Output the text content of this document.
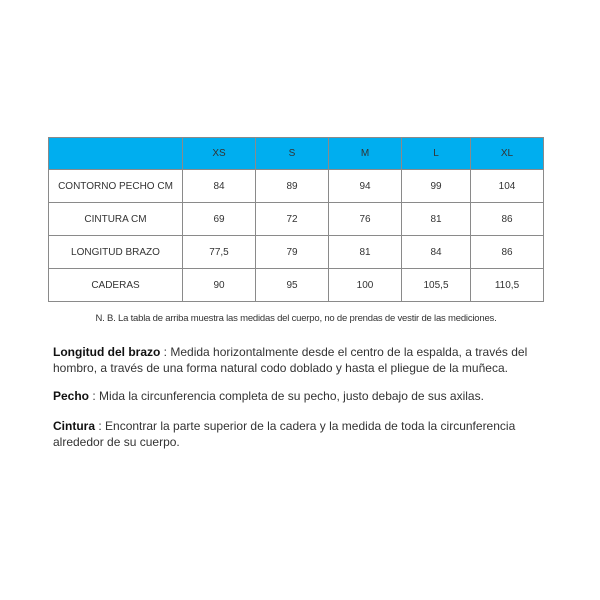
	XS	S	M	L	XL
CONTORNO PECHO CM	84	89	94	99	104
CINTURA CM	69	72	76	81	86
LONGITUD BRAZO	77,5	79	81	84	86
CADERAS	90	95	100	105,5	110,5
N. B. La tabla de arriba muestra las medidas del cuerpo, no de prendas de vestir de las mediciones.
Longitud del brazo : Medida horizontalmente desde el centro de la espalda, a través del hombro, a través de una forma natural codo doblado y hasta el pliegue de la muñeca.
Pecho : Mida la circunferencia completa de su pecho, justo debajo de sus axilas.
Cintura : Encontrar la parte superior de la cadera y la medida de toda la circunferencia alrededor de su cuerpo.
